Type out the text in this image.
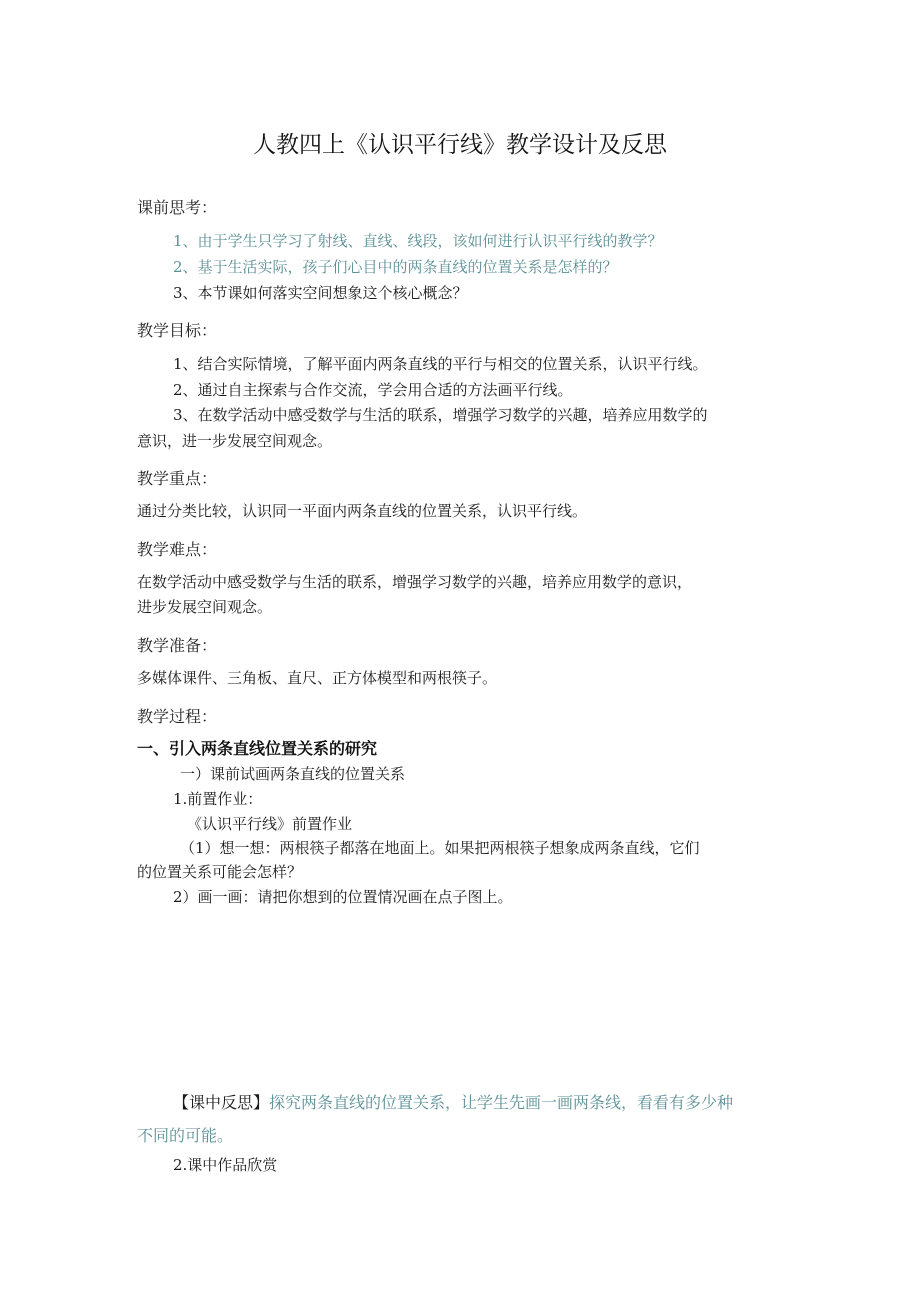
人教四上《认识平行线》教学设计及反思
课前思考：
1、由于学生只学习了射线、直线、线段，该如何进行认识平行线的教学？
2、基于生活实际，孩子们心目中的两条直线的位置关系是怎样的？
3、本节课如何落实空间想象这个核心概念？
教学目标：
1、结合实际情境，了解平面内两条直线的平行与相交的位置关系，认识平行线。
2、通过自主探索与合作交流，学会用合适的方法画平行线。
3、在数学活动中感受数学与生活的联系，增强学习数学的兴趣，培养应用数学的
意识，进一步发展空间观念。
教学重点：
通过分类比较，认识同一平面内两条直线的位置关系，认识平行线。
教学难点：
在数学活动中感受数学与生活的联系，增强学习数学的兴趣，培养应用数学的意识，
进步发展空间观念。
教学准备：
多媒体课件、三角板、直尺、正方体模型和两根筷子。
教学过程：
一、引入两条直线位置关系的研究
一）课前试画两条直线的位置关系
1.前置作业：
《认识平行线》前置作业
（1）想一想：两根筷子都落在地面上。如果把两根筷子想象成两条直线，它们
的位置关系可能会怎样？
2）画一画：请把你想到的位置情况画在点子图上。
【课中反思】探究两条直线的位置关系，让学生先画一画两条线，看看有多少种
不同的可能。
2.课中作品欣赏
